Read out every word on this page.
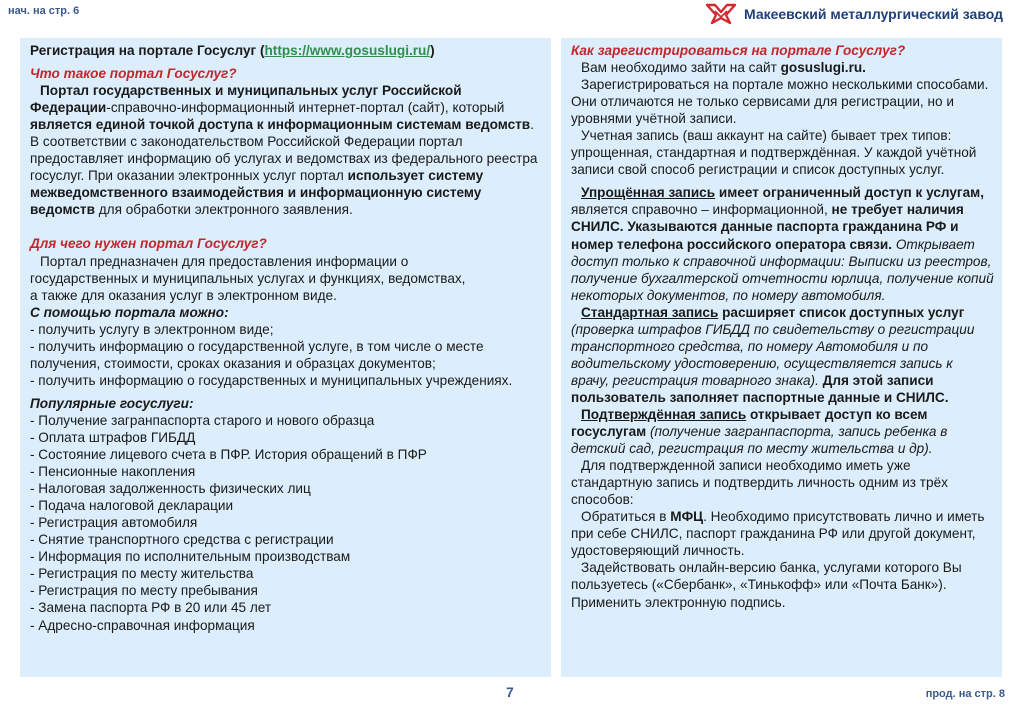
нач. на стр. 6	Макеевский металлургический завод

Регистрация на портале Госуслуг (https://www.gosuslugi.ru/)

Что такое портал Госуслуг?

Портал государственных и муниципальных услуг Российской Федерации-справочно-информационный интернет-портал (сайт), который является единой точкой доступа к информационным системам ведомств. В соответствии с законодательством Российской Федерации портал предоставляет информацию об услугах и ведомствах из федерального реестра госуслуг. При оказании электронных услуг портал использует систему межведомственного взаимодействия и информационную систему ведомств для обработки электронного заявления.

Для чего нужен портал Госуслуг?

Портал предназначен для предоставления информации о

государственных и муниципальных услугах и функциях, ведомствах,

а также для оказания услуг в электронном виде.

С помощью портала можно:

- получить услугу в электронном виде;
- получить информацию о государственной услуге, в том числе о месте получения, стоимости, сроках оказания и образцах документов;
- получить информацию о государственных и муниципальных учреждениях.

Популярные госуслуги:

- Получение загранпаспорта старого и нового образца
- Оплата штрафов ГИБДД
- Состояние лицевого счета в ПФР. История обращений в ПФР
- Пенсионные накопления
- Налоговая задолженность физических лиц
- Подача налоговой декларации
- Регистрация автомобиля
- Снятие транспортного средства с регистрации
- Информация по исполнительным производствам
- Регистрация по месту жительства
- Регистрация по месту пребывания
- Замена паспорта РФ в 20 или 45 лет
- Адресно-справочная информация

Как зарегистрироваться на портале Госуслуг?

Вам необходимо зайти на сайт gosuslugi.ru.

Зарегистрироваться на портале можно несколькими способами. Они отличаются не только сервисами для регистрации, но и уровнями учётной записи.

Учетная запись (ваш аккаунт на сайте) бывает трех типов: упрощенная, стандартная и подтверждённая. У каждой учётной записи свой способ регистрации и список доступных услуг.

Упрощённая запись имеет ограниченный доступ к услугам, является справочно – информационной, не требует наличия СНИЛС. Указываются данные паспорта гражданина РФ и номер телефона российского оператора связи. Открывает доступ только к справочной информации: Выписки из реестров, получение бухгалтерской отчетности юрлица, получение копий некоторых документов, по номеру автомобиля.

Стандартная запись расширяет список доступных услуг (проверка штрафов ГИБДД по свидетельству о регистрации транспортного средства, по номеру Автомобиля и по водительскому удостоверению, осуществляется запись к врачу, регистрация товарного знака). Для этой записи пользователь заполняет паспортные данные и СНИЛС.

Подтверждённая запись открывает доступ ко всем госуслугам (получение загранпаспорта, запись ребенка в детский сад, регистрация по месту жительства и др).

Для подтвержденной записи необходимо иметь уже стандартную запись и подтвердить личность одним из трёх способов:

Обратиться в МФЦ. Необходимо присутствовать лично и иметь при себе СНИЛС, паспорт гражданина РФ или другой документ, удостоверяющий личность.

Задействовать онлайн-версию банка, услугами которого Вы пользуетесь («Сбербанк», «Тинькофф» или «Почта Банк»). Применить электронную подпись.

7	прод. на стр. 8
